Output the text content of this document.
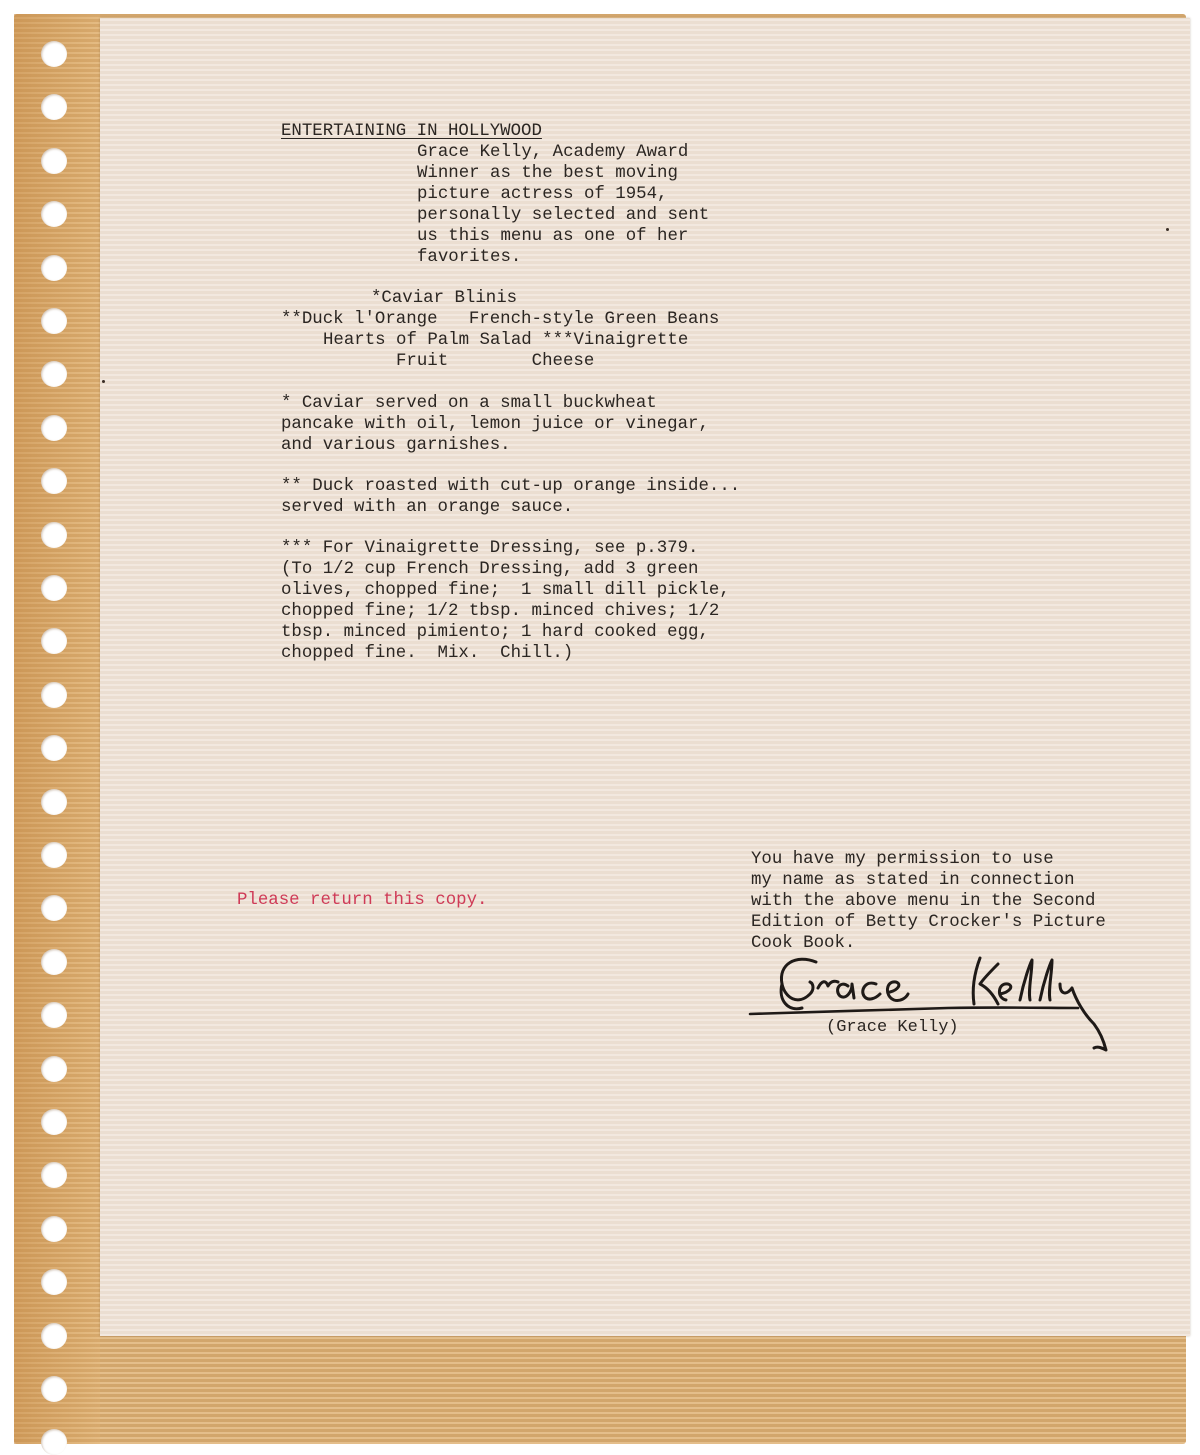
ENTERTAINING IN HOLLYWOOD

Grace Kelly, Academy Award

Winner as the best moving

picture actress of 1954,

personally selected and sent

us this menu as one of her

favorites.

*Caviar Blinis

**Duck l'Orange   French-style Green Beans

Hearts of Palm Salad ***Vinaigrette

Fruit        Cheese

* Caviar served on a small buckwheat

pancake with oil, lemon juice or vinegar,

and various garnishes.

** Duck roasted with cut-up orange inside...

served with an orange sauce.

*** For Vinaigrette Dressing, see p.379.

(To 1/2 cup French Dressing, add 3 green

olives, chopped fine;  1 small dill pickle,

chopped fine; 1/2 tbsp. minced chives; 1/2

tbsp. minced pimiento; 1 hard cooked egg,

chopped fine.  Mix.  Chill.)

Please return this copy.

You have my permission to use

my name as stated in connection

with the above menu in the Second

Edition of Betty Crocker's Picture

Cook Book.

(Grace Kelly)
